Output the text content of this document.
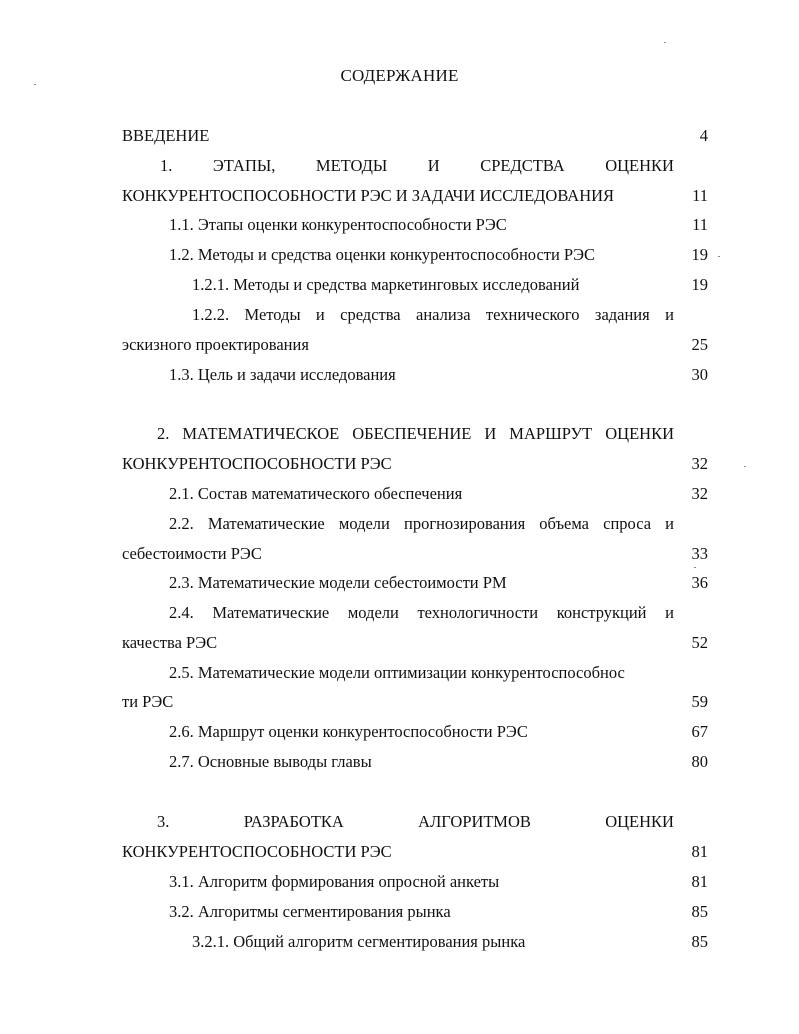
СОДЕРЖАНИЕ
ВВЕДЕНИЕ	4
1. ЭТАПЫ, МЕТОДЫ И СРЕДСТВА ОЦЕНКИ
КОНКУРЕНТОСПОСОБНОСТИ РЭС И ЗАДАЧИ ИССЛЕДОВАНИЯ	11
1.1. Этапы оценки конкурентоспособности РЭС	11
1.2. Методы и средства оценки конкурентоспособности РЭС	19
1.2.1. Методы и средства маркетинговых исследований	19
1.2.2. Методы и средства анализа технического задания и
эскизного проектирования	25
1.3. Цель и задачи исследования	30
2. МАТЕМАТИЧЕСКОЕ ОБЕСПЕЧЕНИЕ И МАРШРУТ ОЦЕНКИ
КОНКУРЕНТОСПОСОБНОСТИ РЭС	32
2.1. Состав математического обеспечения	32
2.2. Математические модели прогнозирования объема спроса и
себестоимости РЭС	33
2.3. Математические модели себестоимости РМ	36
2.4. Математические модели технологичности конструкций и
качества РЭС	52
2.5. Математические модели оптимизации конкурентоспособнос
ти РЭС	59
2.6. Маршрут оценки конкурентоспособности РЭС	67
2.7. Основные выводы главы	80
3.	РАЗРАБОТКА	АЛГОРИТМОВ	ОЦЕНКИ
КОНКУРЕНТОСПОСОБНОСТИ РЭС	81
3.1. Алгоритм формирования опросной анкеты	81
3.2. Алгоритмы сегментирования рынка	85
3.2.1. Общий алгоритм сегментирования рынка	85
